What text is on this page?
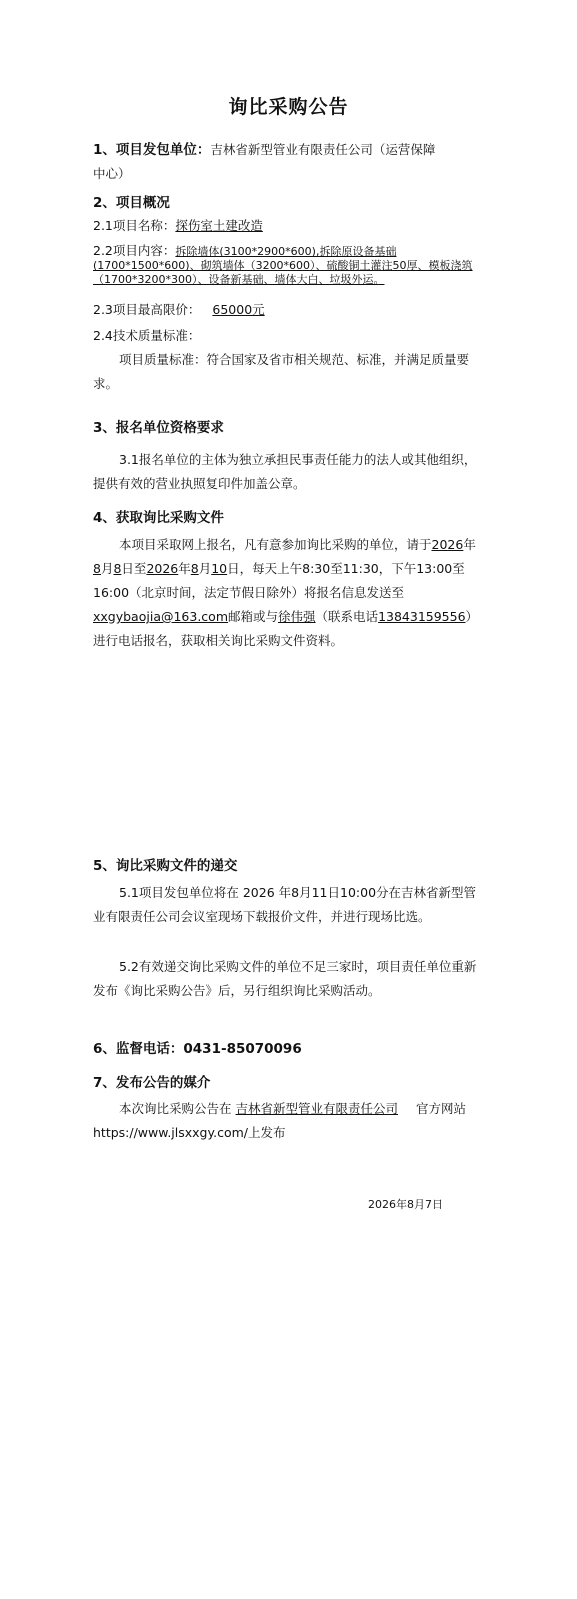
询比采购公告
1、项目发包单位：吉林省新型管业有限责任公司（运营保障
中心）
2、项目概况
2.1项目名称：探伤室土建改造
2.2项目内容：拆除墙体(3100*2900*600),拆除原设备基础(1700*1500*600)、砌筑墙体（3200*600）、硫酸铜土灌注50厚、模板浇筑（1700*3200*300）、设备新基础、墙体大白、垃圾外运。
2.3项目最高限价： 65000元
2.4技术质量标准：
项目质量标准：符合国家及省市相关规范、标准，并满足质量要求。
3、报名单位资格要求
3.1报名单位的主体为独立承担民事责任能力的法人或其他组织，提供有效的营业执照复印件加盖公章。
4、获取询比采购文件
本项目采取网上报名，凡有意参加询比采购的单位，请于2026年8月8日至2026年8月10日，每天上午8:30至11:30，下午13:00至16:00（北京时间，法定节假日除外）将报名信息发送至xxgybaojia@163.com邮箱或与徐伟强（联系电话13843159556）进行电话报名，获取相关询比采购文件资料。
5、询比采购文件的递交
5.1项目发包单位将在 2026 年8月11日10:00分在吉林省新型管业有限责任公司会议室现场下载报价文件，并进行现场比选。
5.2有效递交询比采购文件的单位不足三家时，项目责任单位重新发布《询比采购公告》后，另行组织询比采购活动。
6、监督电话：0431-85070096
7、发布公告的媒介
本次询比采购公告在 吉林省新型管业有限责任公司 官方网站https://www.jlsxxgy.com/上发布
2026年8月7日
